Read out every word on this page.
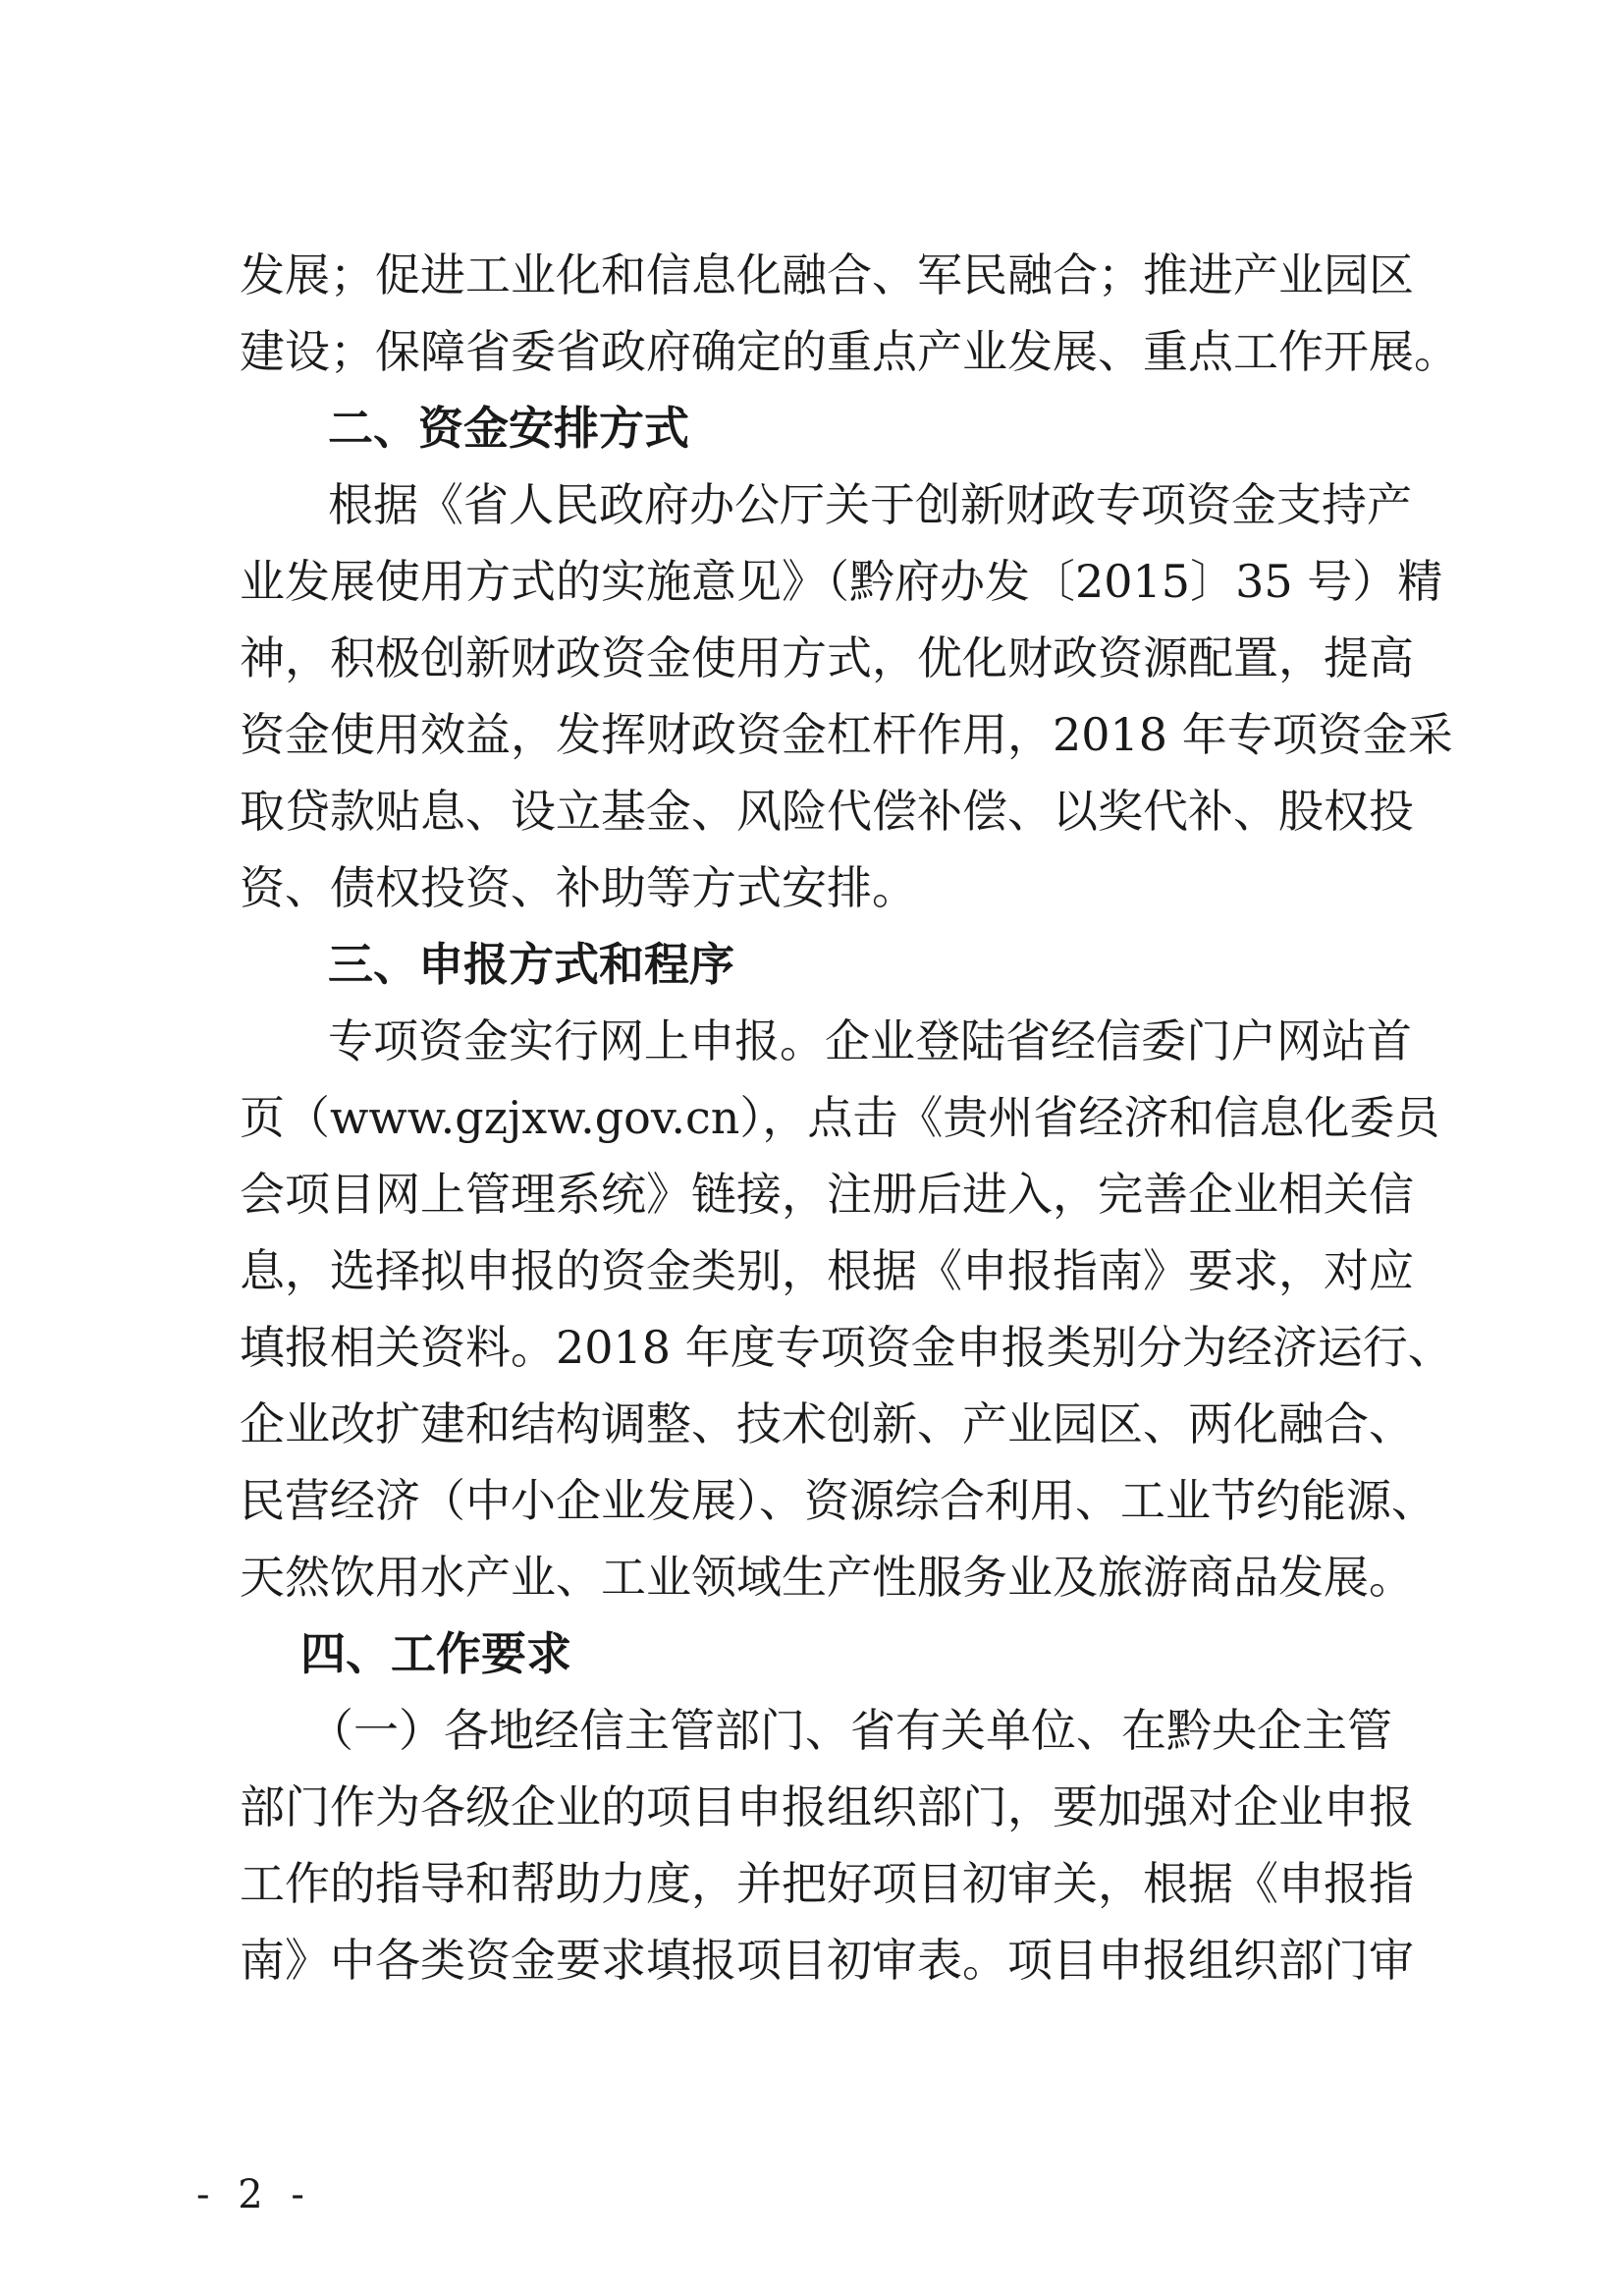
发展；促进工业化和信息化融合、军民融合；推进产业园区
建设；保障省委省政府确定的重点产业发展、重点工作开展。
二、资金安排方式
根据《省人民政府办公厅关于创新财政专项资金支持产
业发展使用方式的实施意见》（黔府办发〔2015〕35 号）精
神，积极创新财政资金使用方式，优化财政资源配置，提高
资金使用效益，发挥财政资金杠杆作用，2018 年专项资金采
取贷款贴息、设立基金、风险代偿补偿、以奖代补、股权投
资、债权投资、补助等方式安排。
三、申报方式和程序
专项资金实行网上申报。企业登陆省经信委门户网站首
页（www.gzjxw.gov.cn），点击《贵州省经济和信息化委员
会项目网上管理系统》链接，注册后进入，完善企业相关信
息，选择拟申报的资金类别，根据《申报指南》要求，对应
填报相关资料。2018 年度专项资金申报类别分为经济运行、
企业改扩建和结构调整、技术创新、产业园区、两化融合、
民营经济（中小企业发展）、资源综合利用、工业节约能源、
天然饮用水产业、工业领域生产性服务业及旅游商品发展。
四、工作要求
（一）各地经信主管部门、省有关单位、在黔央企主管
部门作为各级企业的项目申报组织部门，要加强对企业申报
工作的指导和帮助力度，并把好项目初审关，根据《申报指
南》中各类资金要求填报项目初审表。项目申报组织部门审
- 2 -
